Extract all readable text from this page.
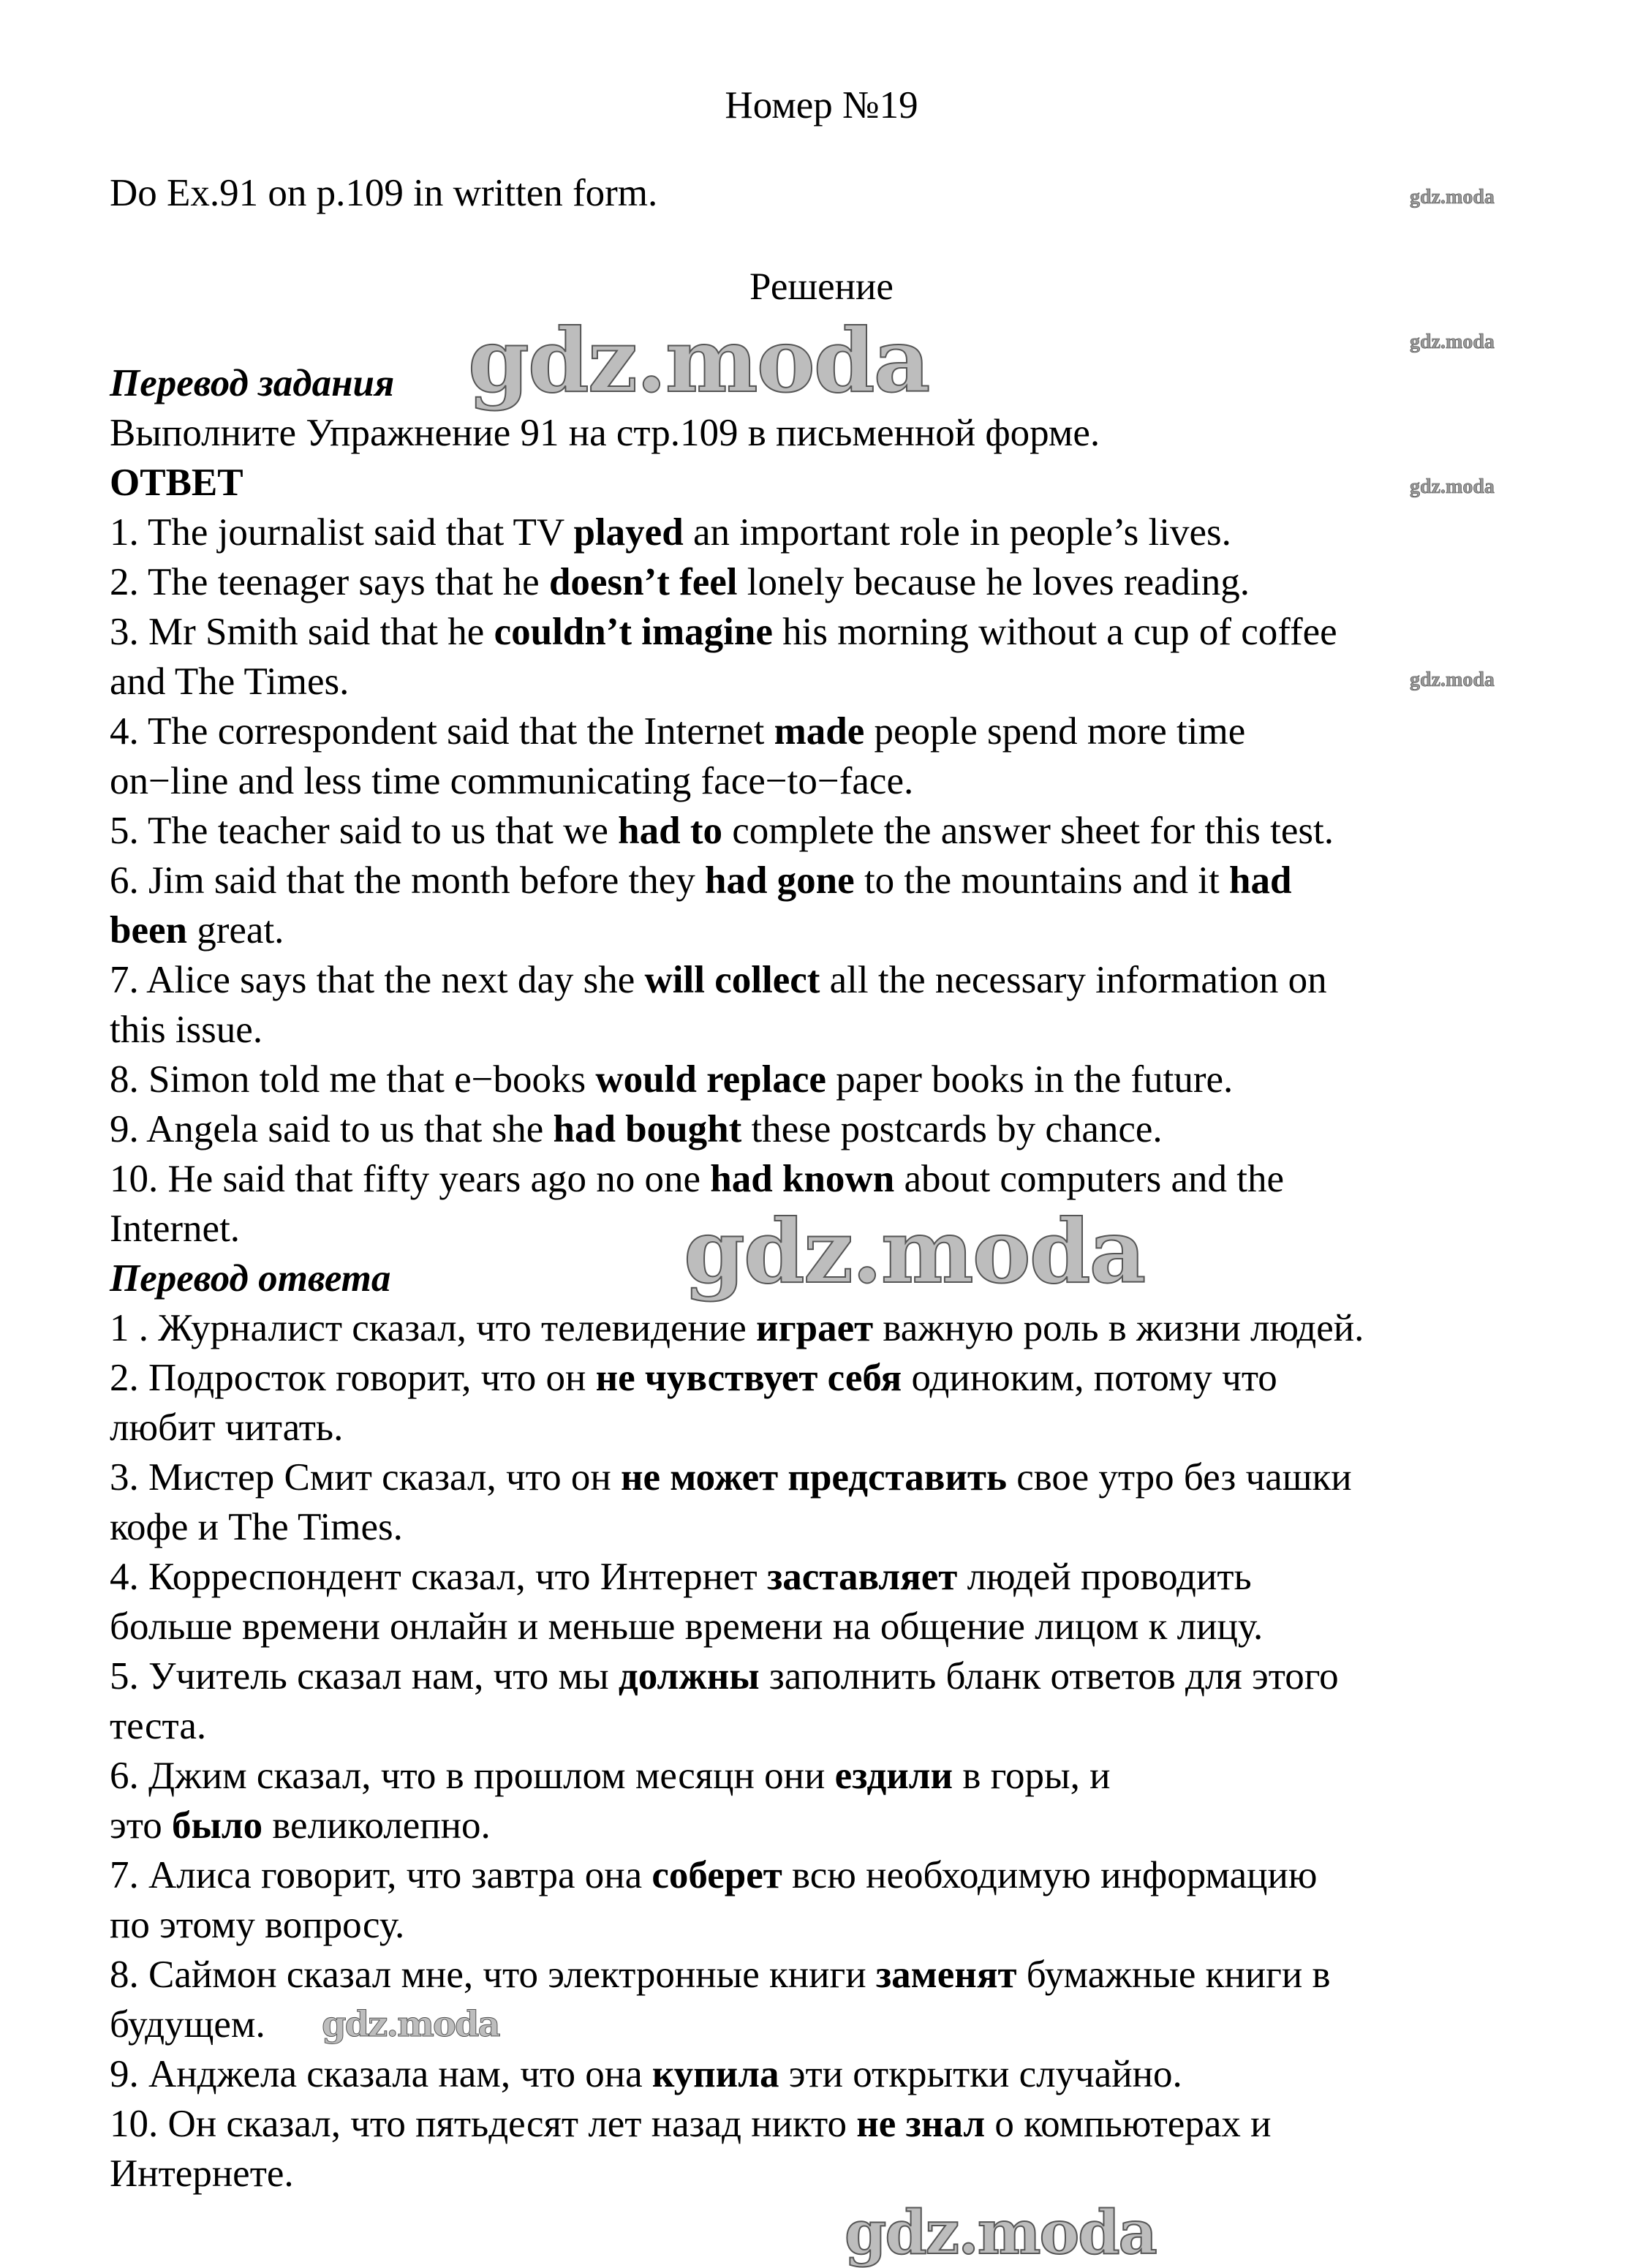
Номер №19
Do Ex.91 on p.109 in written form.
Решение
Перевод задания
Выполните Упражнение 91 на стр.109 в письменной форме.
ОТВЕТ
1. The journalist said that TV played an important role in people’s lives.
2. The teenager says that he doesn’t feel lonely because he loves reading.
3. Mr Smith said that he couldn’t imagine his morning without a cup of coffee
and The Times.
4. The correspondent said that the Internet made people spend more time
on−line and less time communicating face−to−face.
5. The teacher said to us that we had to complete the answer sheet for this test.
6. Jim said that the month before they had gone to the mountains and it had
been great.
7. Alice says that the next day she will collect all the necessary information on
this issue.
8. Simon told me that e−books would replace paper books in the future.
9. Angela said to us that she had bought these postcards by chance.
10. He said that fifty years ago no one had known about computers and the
Internet.
Перевод ответа
1 . Журналист сказал, что телевидение играет важную роль в жизни людей.
2. Подросток говорит, что он не чувствует себя одиноким, потому что
любит читать.
3. Мистер Смит сказал, что он не может представить свое утро без чашки
кофе и The Times.
4. Корреспондент сказал, что Интернет заставляет людей проводить
больше времени онлайн и меньше времени на общение лицом к лицу.
5. Учитель сказал нам, что мы должны заполнить бланк ответов для этого
теста.
6. Джим сказал, что в прошлом месяцн они ездили в горы, и
это было великолепно.
7. Алиса говорит, что завтра она соберет всю необходимую информацию
по этому вопросу.
8. Саймон сказал мне, что электронные книги заменят бумажные книги в
будущем.
9. Анджела сказала нам, что она купила эти открытки случайно.
10. Он сказал, что пятьдесят лет назад никто не знал о компьютерах и
Интернете.
gdz.moda
gdz.moda
gdz.moda
gdz.moda
gdz.moda
gdz.moda
gdz.moda
gdz.moda
